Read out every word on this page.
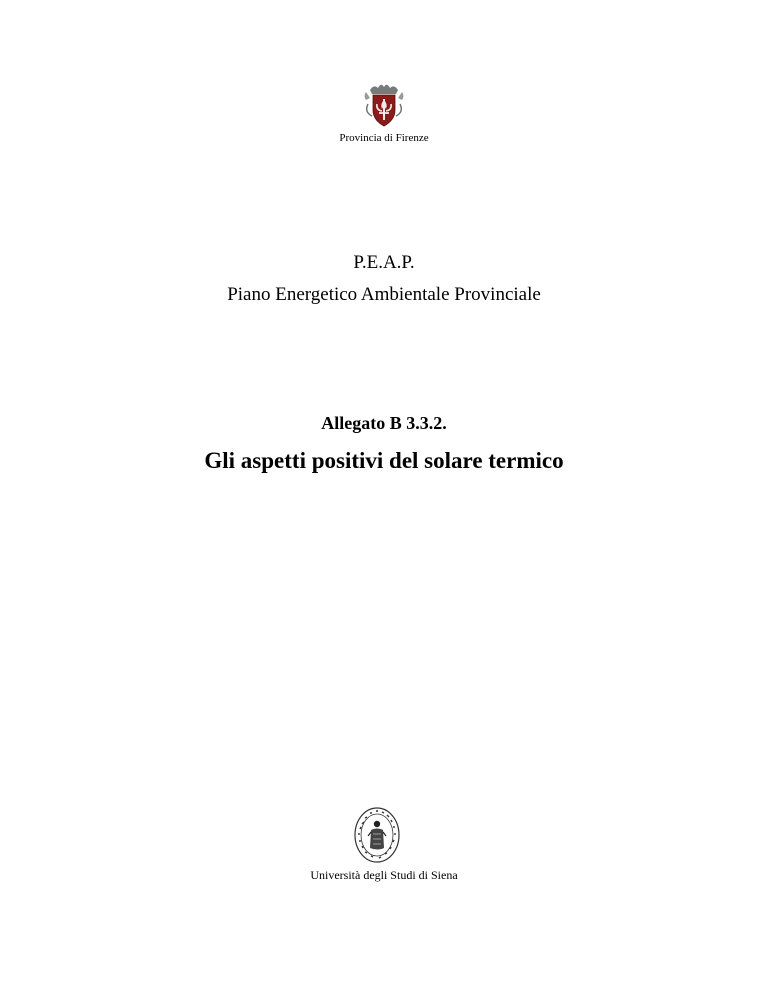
Provincia di Firenze
P.E.A.P.
Piano Energetico Ambientale Provinciale
Allegato B 3.3.2.
Gli aspetti positivi del solare termico
Università degli Studi di Siena
